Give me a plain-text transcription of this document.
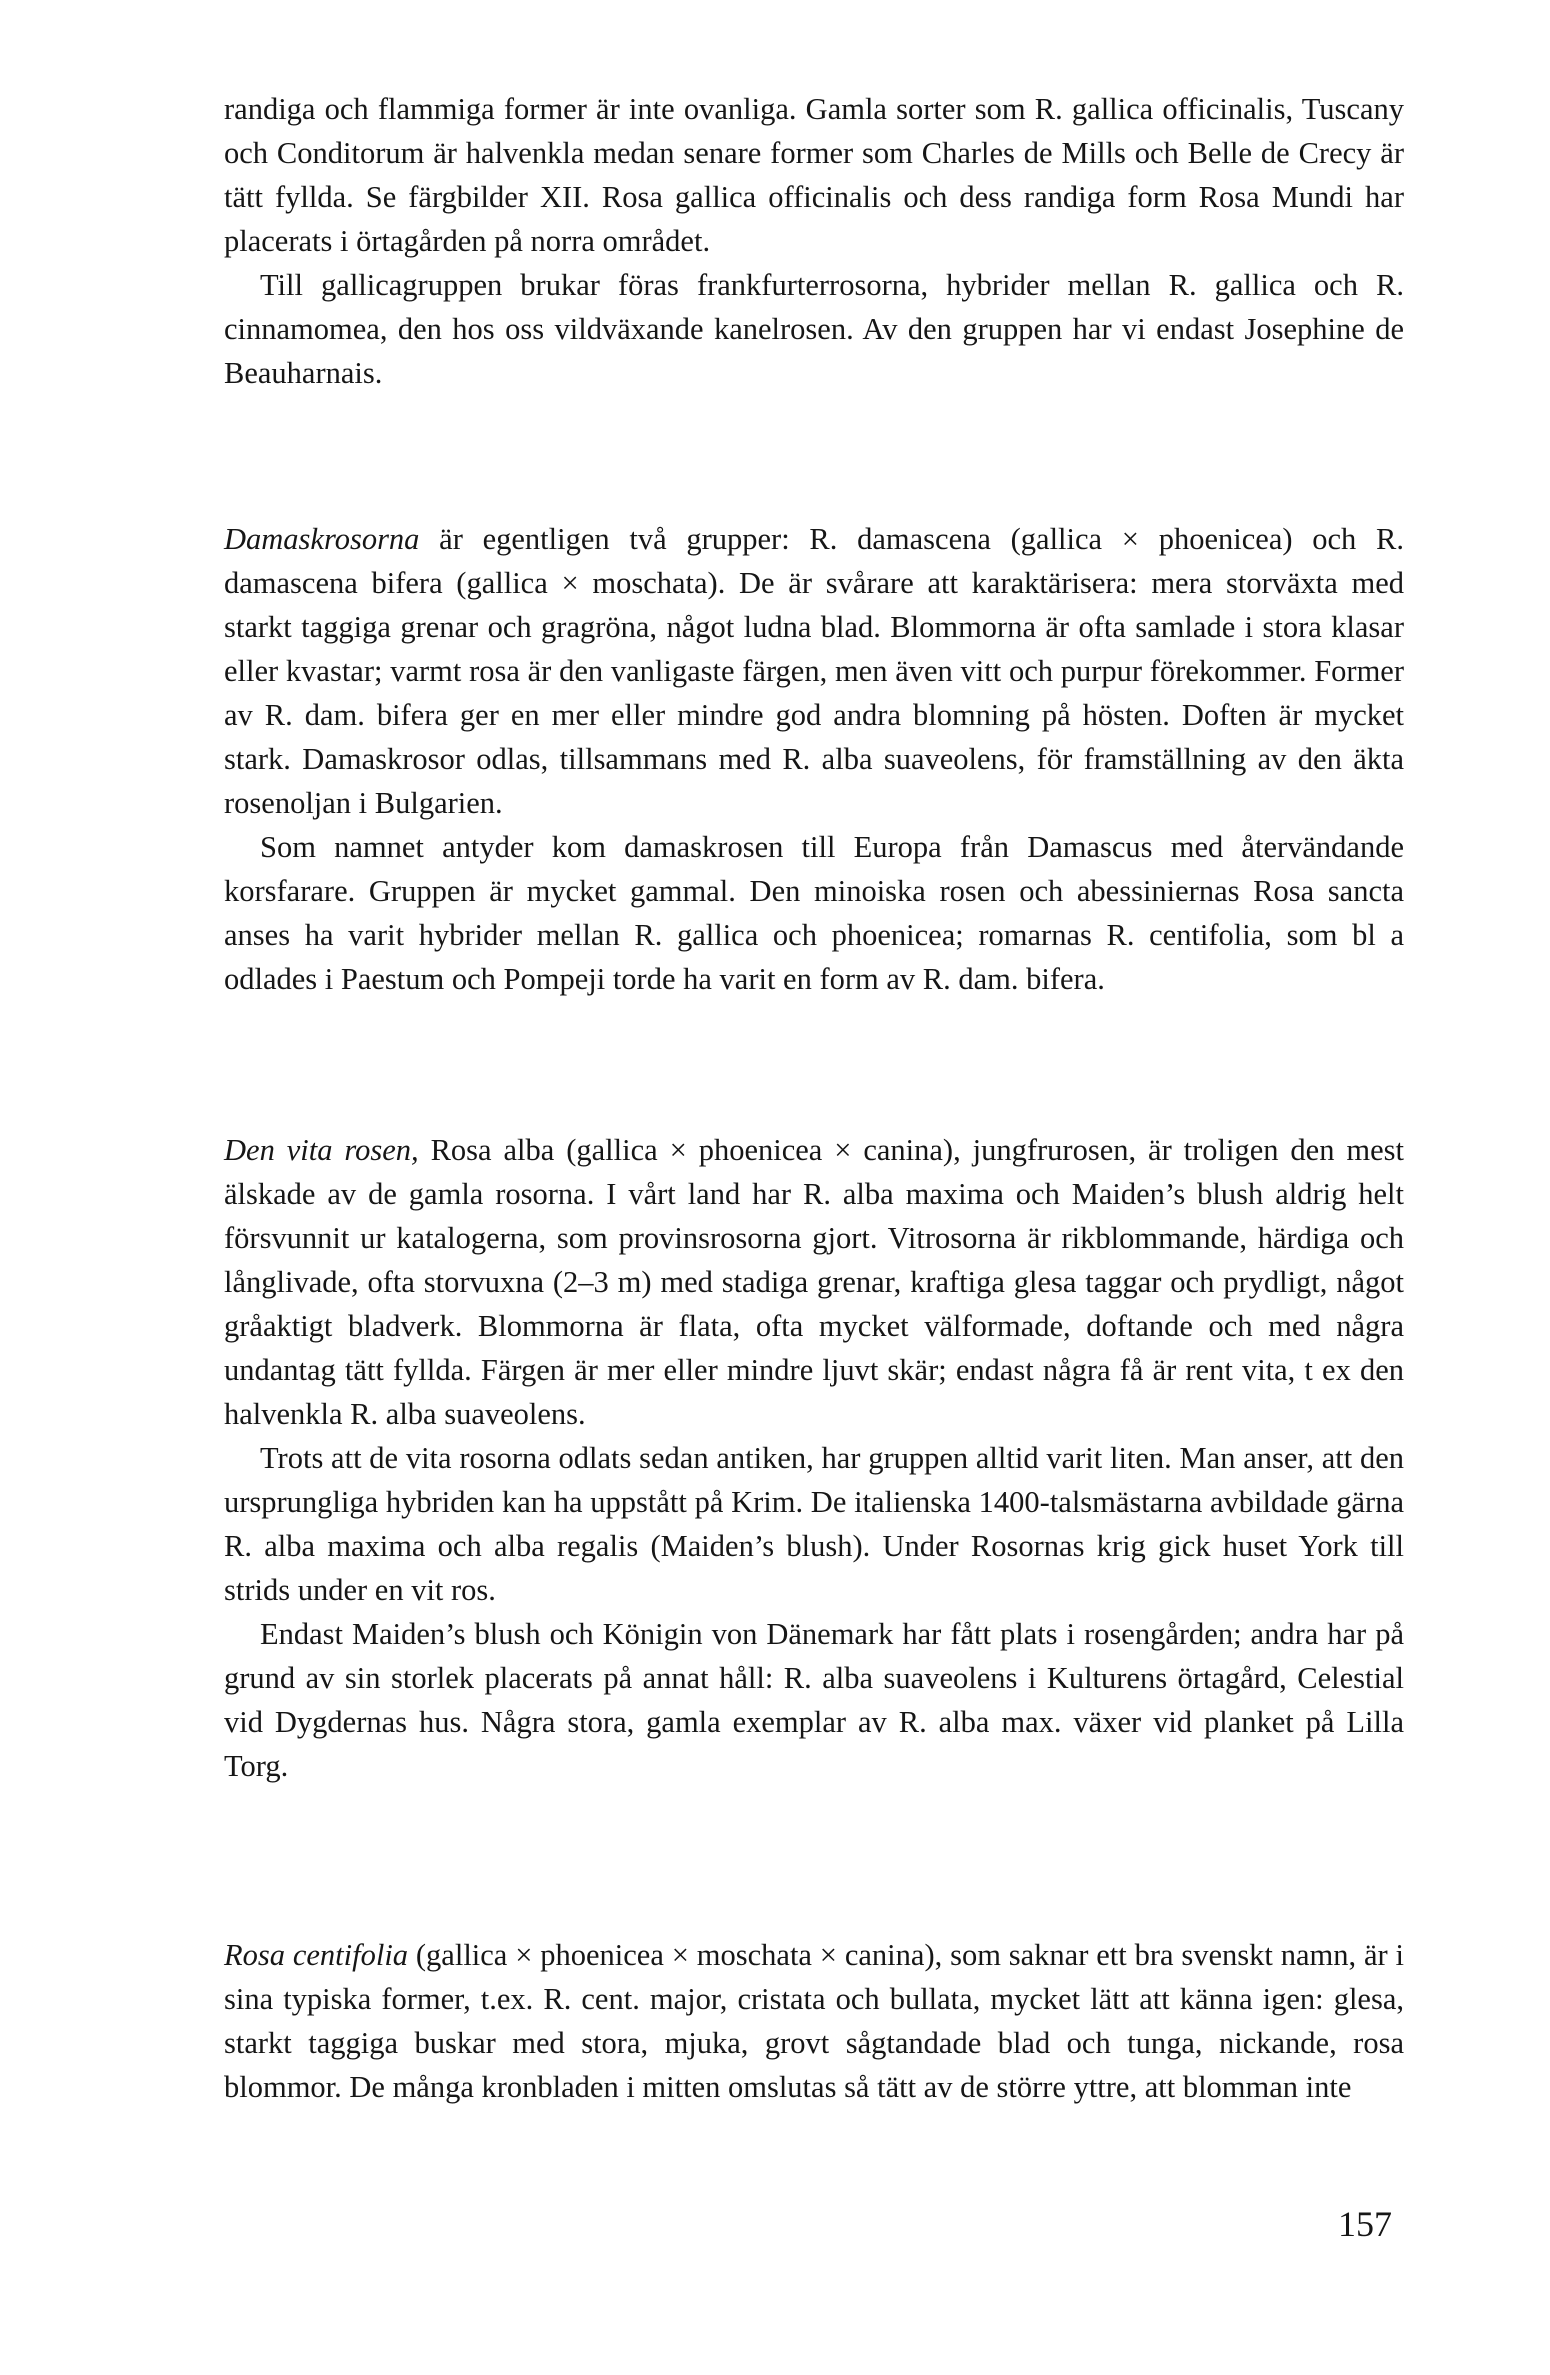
randiga och flammiga former är inte ovanliga. Gamla sorter som R. gallica officinalis, Tuscany och Conditorum är halvenkla medan senare former som Charles de Mills och Belle de Crecy är tätt fyllda. Se färgbilder XII. Rosa gallica officinalis och dess randiga form Rosa Mundi har placerats i örtagården på norra området.

Till gallicagruppen brukar föras frankfurterrosorna, hybrider mellan R. gallica och R. cinnamomea, den hos oss vildväxande kanelrosen. Av den gruppen har vi endast Josephine de Beauharnais.

Damaskrosorna är egentligen två grupper: R. damascena (gallica × phoenicea) och R. damascena bifera (gallica × moschata). De är svårare att karaktärisera: mera storväxta med starkt taggiga grenar och gragröna, något ludna blad. Blommorna är ofta samlade i stora klasar eller kvastar; varmt rosa är den vanligaste färgen, men även vitt och purpur förekommer. Former av R. dam. bifera ger en mer eller mindre god andra blomning på hösten. Doften är mycket stark. Damaskrosor odlas, tillsammans med R. alba suaveolens, för framställning av den äkta rosenoljan i Bulgarien.

Som namnet antyder kom damaskrosen till Europa från Damascus med återvändande korsfarare. Gruppen är mycket gammal. Den minoiska rosen och abessiniernas Rosa sancta anses ha varit hybrider mellan R. gallica och phoenicea; romarnas R. centifolia, som bl a odlades i Paestum och Pompeji torde ha varit en form av R. dam. bifera.

Den vita rosen, Rosa alba (gallica × phoenicea × canina), jungfrurosen, är troligen den mest älskade av de gamla rosorna. I vårt land har R. alba maxima och Maiden’s blush aldrig helt försvunnit ur katalogerna, som provinsrosorna gjort. Vitrosorna är rikblommande, härdiga och långlivade, ofta storvuxna (2–3 m) med stadiga grenar, kraftiga glesa taggar och prydligt, något gråaktigt bladverk. Blommorna är flata, ofta mycket välformade, doftande och med några undantag tätt fyllda. Färgen är mer eller mindre ljuvt skär; endast några få är rent vita, t ex den halvenkla R. alba suaveolens.

Trots att de vita rosorna odlats sedan antiken, har gruppen alltid varit liten. Man anser, att den ursprungliga hybriden kan ha uppstått på Krim. De italienska 1400-talsmästarna avbildade gärna R. alba maxima och alba regalis (Maiden’s blush). Under Rosornas krig gick huset York till strids under en vit ros.

Endast Maiden’s blush och Königin von Dänemark har fått plats i rosengården; andra har på grund av sin storlek placerats på annat håll: R. alba suaveolens i Kulturens örtagård, Celestial vid Dygdernas hus. Några stora, gamla exemplar av R. alba max. växer vid planket på Lilla Torg.

Rosa centifolia (gallica × phoenicea × moschata × canina), som saknar ett bra svenskt namn, är i sina typiska former, t.ex. R. cent. major, cristata och bullata, mycket lätt att känna igen: glesa, starkt taggiga buskar med stora, mjuka, grovt sågtandade blad och tunga, nickande, rosa blommor. De många kronbladen i mitten omslutas så tätt av de större yttre, att blomman inte

157
